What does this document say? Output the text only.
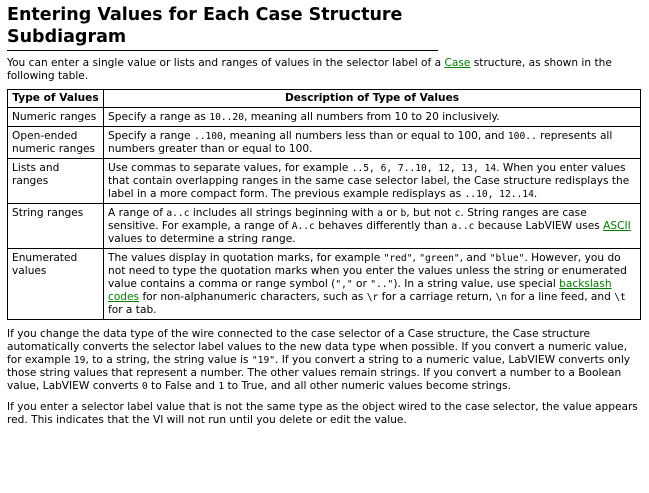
Entering Values for Each Case Structure Subdiagram

You can enter a single value or lists and ranges of values in the selector label of a Case structure, as shown in the following table.

Type of Values	Description of Type of Values
Numeric ranges	Specify a range as 10..20, meaning all numbers from 10 to 20 inclusively.
Open-ended numeric ranges	Specify a range ..100, meaning all numbers less than or equal to 100, and 100.. represents all numbers greater than or equal to 100.
Lists and ranges	Use commas to separate values, for example ..5, 6, 7..10, 12, 13, 14. When you enter values that contain overlapping ranges in the same case selector label, the Case structure redisplays the label in a more compact form. The previous example redisplays as ..10, 12..14.
String ranges	A range of a..c includes all strings beginning with a or b, but not c. String ranges are case sensitive. For example, a range of A..c behaves differently than a..c because LabVIEW uses ASCII values to determine a string range.
Enumerated values	The values display in quotation marks, for example "red", "green", and "blue". However, you do not need to type the quotation marks when you enter the values unless the string or enumerated value contains a comma or range symbol ("," or ".."). In a string value, use special backslash codes for non-alphanumeric characters, such as \r for a carriage return, \n for a line feed, and \t for a tab.

If you change the data type of the wire connected to the case selector of a Case structure, the Case structure automatically converts the selector label values to the new data type when possible. If you convert a numeric value, for example 19, to a string, the string value is "19". If you convert a string to a numeric value, LabVIEW converts only those string values that represent a number. The other values remain strings. If you convert a number to a Boolean value, LabVIEW converts 0 to False and 1 to True, and all other numeric values become strings.

If you enter a selector label value that is not the same type as the object wired to the case selector, the value appears red. This indicates that the VI will not run until you delete or edit the value.
